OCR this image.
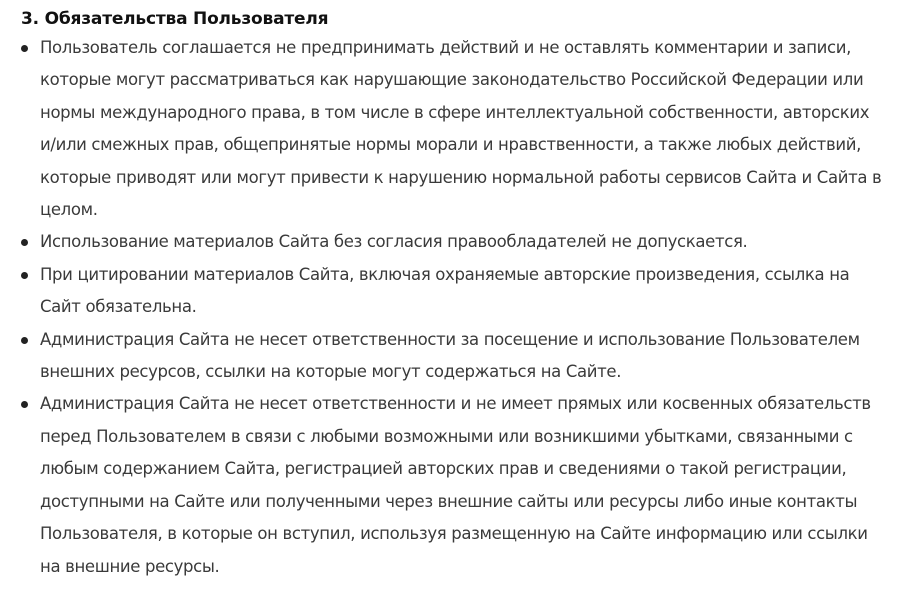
3. Обязательства Пользователя
Пользователь соглашается не предпринимать действий и не оставлять комментарии и записи, которые могут рассматриваться как нарушающие законодательство Российской Федерации или нормы международного права, в том числе в сфере интеллектуальной собственности, авторских и/или смежных прав, общепринятые нормы морали и нравственности, а также любых действий, которые приводят или могут привести к нарушению нормальной работы сервисов Сайта и Сайта в целом.
Использование материалов Сайта без согласия правообладателей не допускается.
При цитировании материалов Сайта, включая охраняемые авторские произведения, ссылка на Сайт обязательна.
Администрация Сайта не несет ответственности за посещение и использование Пользователем внешних ресурсов, ссылки на которые могут содержаться на Сайте.
Администрация Сайта не несет ответственности и не имеет прямых или косвенных обязательств перед Пользователем в связи с любыми возможными или возникшими убытками, связанными с любым содержанием Сайта, регистрацией авторских прав и сведениями о такой регистрации, доступными на Сайте или полученными через внешние сайты или ресурсы либо иные контакты Пользователя, в которые он вступил, используя размещенную на Сайте информацию или ссылки на внешние ресурсы.
